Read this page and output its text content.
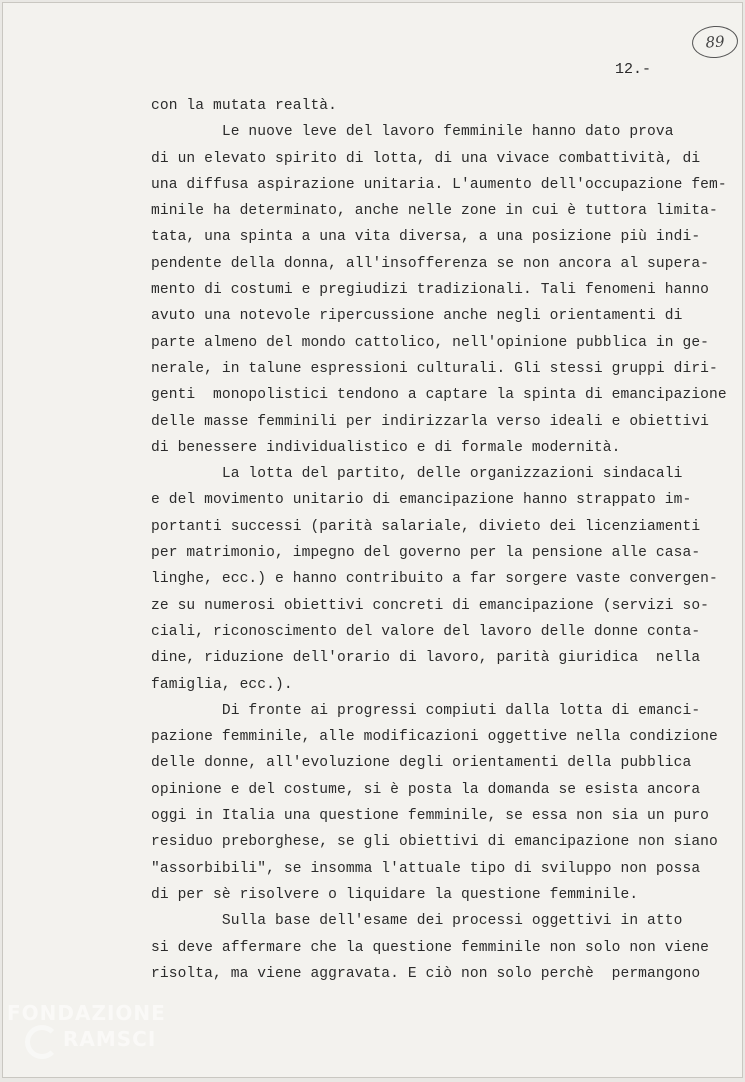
89
12.-
con la mutata realtà.
Le nuove leve del lavoro femminile hanno dato prova
di un elevato spirito di lotta, di una vivace combattività, di
una diffusa aspirazione unitaria. L'aumento dell'occupazione fem-
minile ha determinato, anche nelle zone in cui è tuttora limita-
tata, una spinta a una vita diversa, a una posizione più indi-
pendente della donna, all'insofferenza se non ancora al supera-
mento di costumi e pregiudizi tradizionali. Tali fenomeni hanno
avuto una notevole ripercussione anche negli orientamenti di
parte almeno del mondo cattolico, nell'opinione pubblica in ge-
nerale, in talune espressioni culturali. Gli stessi gruppi diri-
genti  monopolistici tendono a captare la spinta di emancipazione
delle masse femminili per indirizzarla verso ideali e obiettivi
di benessere individualistico e di formale modernità.
La lotta del partito, delle organizzazioni sindacali
e del movimento unitario di emancipazione hanno strappato im-
portanti successi (parità salariale, divieto dei licenziamenti
per matrimonio, impegno del governo per la pensione alle casa-
linghe, ecc.) e hanno contribuito a far sorgere vaste convergen-
ze su numerosi obiettivi concreti di emancipazione (servizi so-
ciali, riconoscimento del valore del lavoro delle donne conta-
dine, riduzione dell'orario di lavoro, parità giuridica  nella
famiglia, ecc.).
Di fronte ai progressi compiuti dalla lotta di emanci-
pazione femminile, alle modificazioni oggettive nella condizione
delle donne, all'evoluzione degli orientamenti della pubblica
opinione e del costume, si è posta la domanda se esista ancora
oggi in Italia una questione femminile, se essa non sia un puro
residuo preborghese, se gli obiettivi di emancipazione non siano
"assorbibili", se insomma l'attuale tipo di sviluppo non possa
di per sè risolvere o liquidare la questione femminile.
Sulla base dell'esame dei processi oggettivi in atto
si deve affermare che la questione femminile non solo non viene
risolta, ma viene aggravata. E ciò non solo perchè  permangono
FONDAZIONE
RAMSCI
